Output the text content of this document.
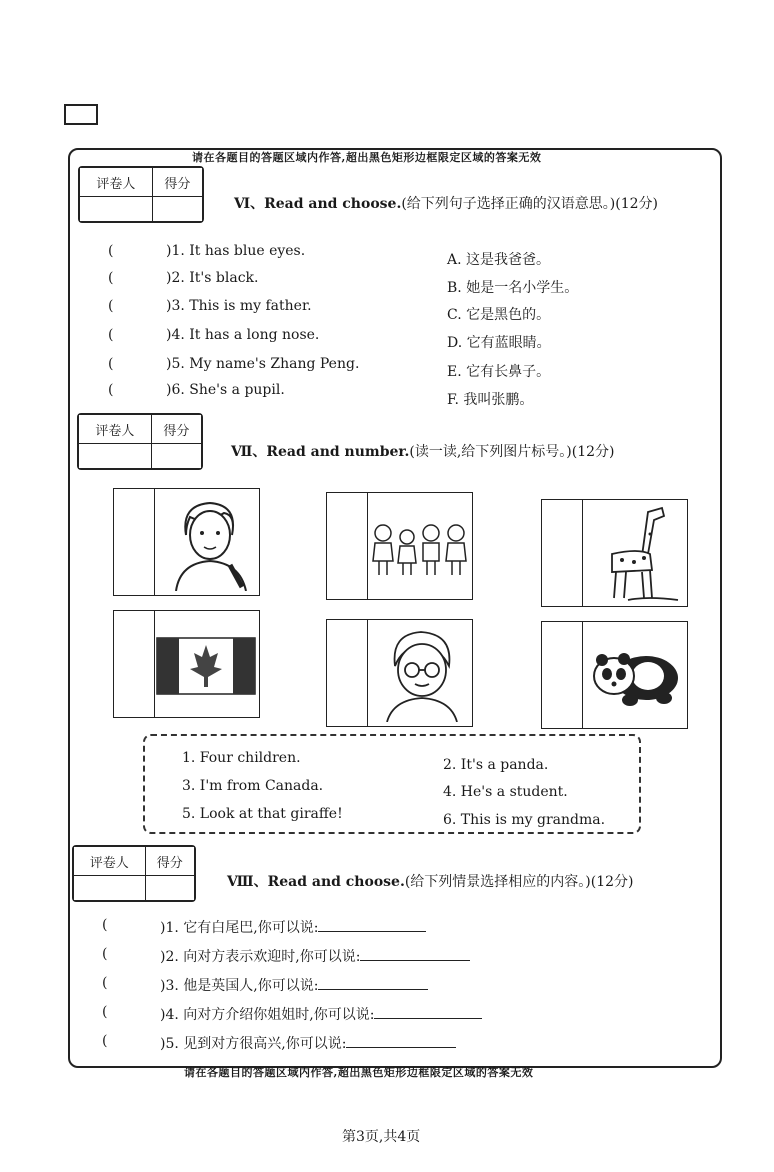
请在各题目的答题区域内作答,超出黑色矩形边框限定区域的答案无效
评卷人	得分

Ⅵ、Read and choose.(给下列句子选择正确的汉语意思。)(12分)
(	)1. It has blue eyes.
(	)2. It's black.
(	)3. This is my father.
(	)4. It has a long nose.
(	)5. My name's Zhang Peng.
(	)6. She's a pupil.
A. 这是我爸爸。
B. 她是一名小学生。
C. 它是黑色的。
D. 它有蓝眼睛。
E. 它有长鼻子。
F. 我叫张鹏。
评卷人	得分

Ⅶ、Read and number.(读一读,给下列图片标号。)(12分)
1. Four children.	2. It's a panda.
3. I'm from Canada.	4. He's a student.
5. Look at that giraffe!	6. This is my grandma.
评卷人	得分

Ⅷ、Read and choose.(给下列情景选择相应的内容。)(12分)
(	)1. 它有白尾巴,你可以说:
(	)2. 向对方表示欢迎时,你可以说:
(	)3. 他是英国人,你可以说:
(	)4. 向对方介绍你姐姐时,你可以说:
(	)5. 见到对方很高兴,你可以说:
请在各题目的答题区域内作答,超出黑色矩形边框限定区域的答案无效
第3页,共4页
